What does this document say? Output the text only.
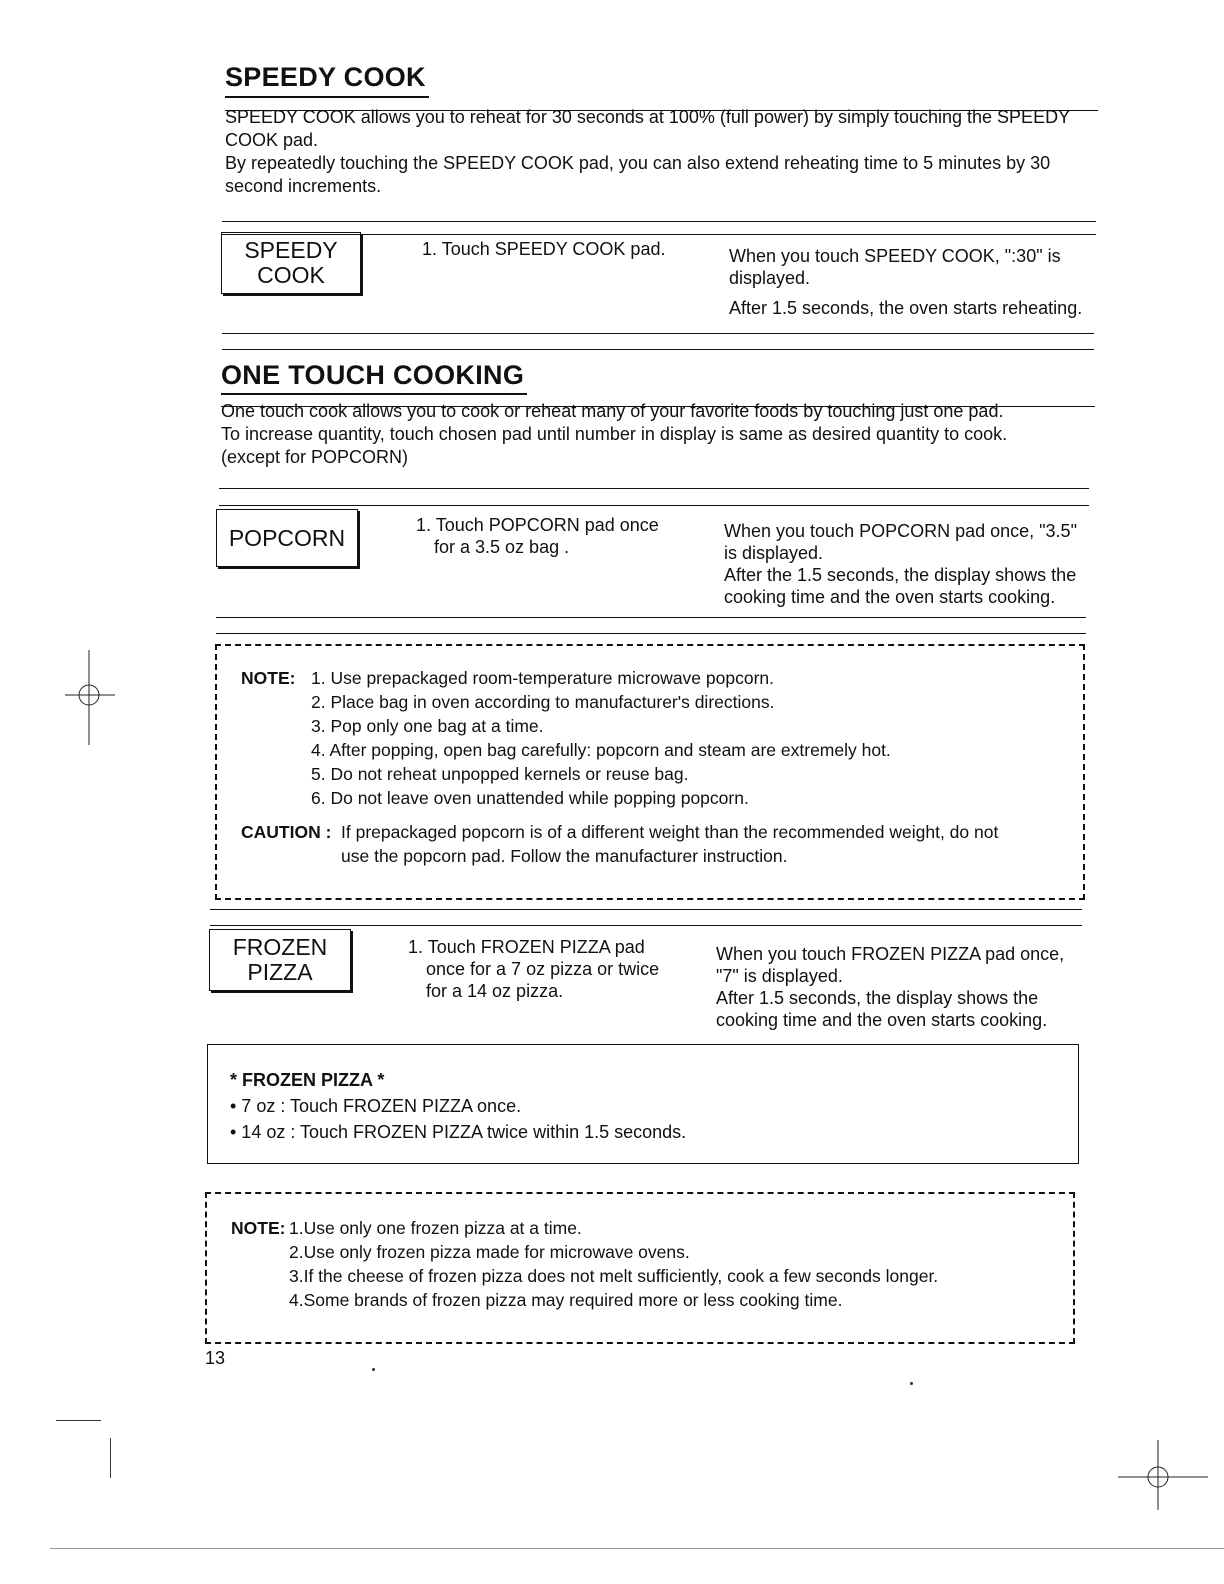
SPEEDY COOK
SPEEDY COOK allows you to reheat for 30 seconds at 100% (full power) by simply touching the SPEEDY COOK pad.
By repeatedly touching the SPEEDY COOK pad, you can also extend reheating time to 5 minutes by 30 second increments.
SPEEDY
COOK
1. Touch SPEEDY COOK pad.	When you touch SPEEDY COOK, ":30" is displayed.
After 1.5 seconds, the oven starts reheating.
ONE TOUCH COOKING
One touch cook allows you to cook or reheat many of your favorite foods by touching just one pad.
To increase quantity, touch chosen pad until number in display is same as desired quantity to cook.
(except for POPCORN)
POPCORN	1. Touch POPCORN pad once
for a 3.5 oz bag .
When you touch POPCORN pad once, "3.5" is displayed.
After the 1.5 seconds, the display shows the cooking time and the oven starts cooking.
NOTE: 1. Use prepackaged room-temperature microwave popcorn.
2. Place bag in oven according to manufacturer's directions.
3. Pop only one bag at a time.
4. After popping, open bag carefully: popcorn and steam are extremely hot.
5. Do not reheat unpopped kernels or reuse bag.
6. Do not leave oven unattended while popping popcorn.
CAUTION : If prepackaged popcorn is of a different weight than the recommended weight, do not
use the popcorn pad. Follow the manufacturer instruction.
FROZEN
PIZZA
1. Touch FROZEN PIZZA pad
once for a 7 oz pizza or twice
for a 14 oz pizza.
When you touch FROZEN PIZZA pad once, "7" is displayed.
After 1.5 seconds, the display shows the cooking time and the oven starts cooking.
* FROZEN PIZZA *
• 7 oz : Touch FROZEN PIZZA once.
• 14 oz : Touch FROZEN PIZZA twice within 1.5 seconds.
NOTE: 1.Use only one frozen pizza at a time.
2.Use only frozen pizza made for microwave ovens.
3.If the cheese of frozen pizza does not melt sufficiently, cook a few seconds longer.
4.Some brands of frozen pizza may required more or less cooking time.
13
